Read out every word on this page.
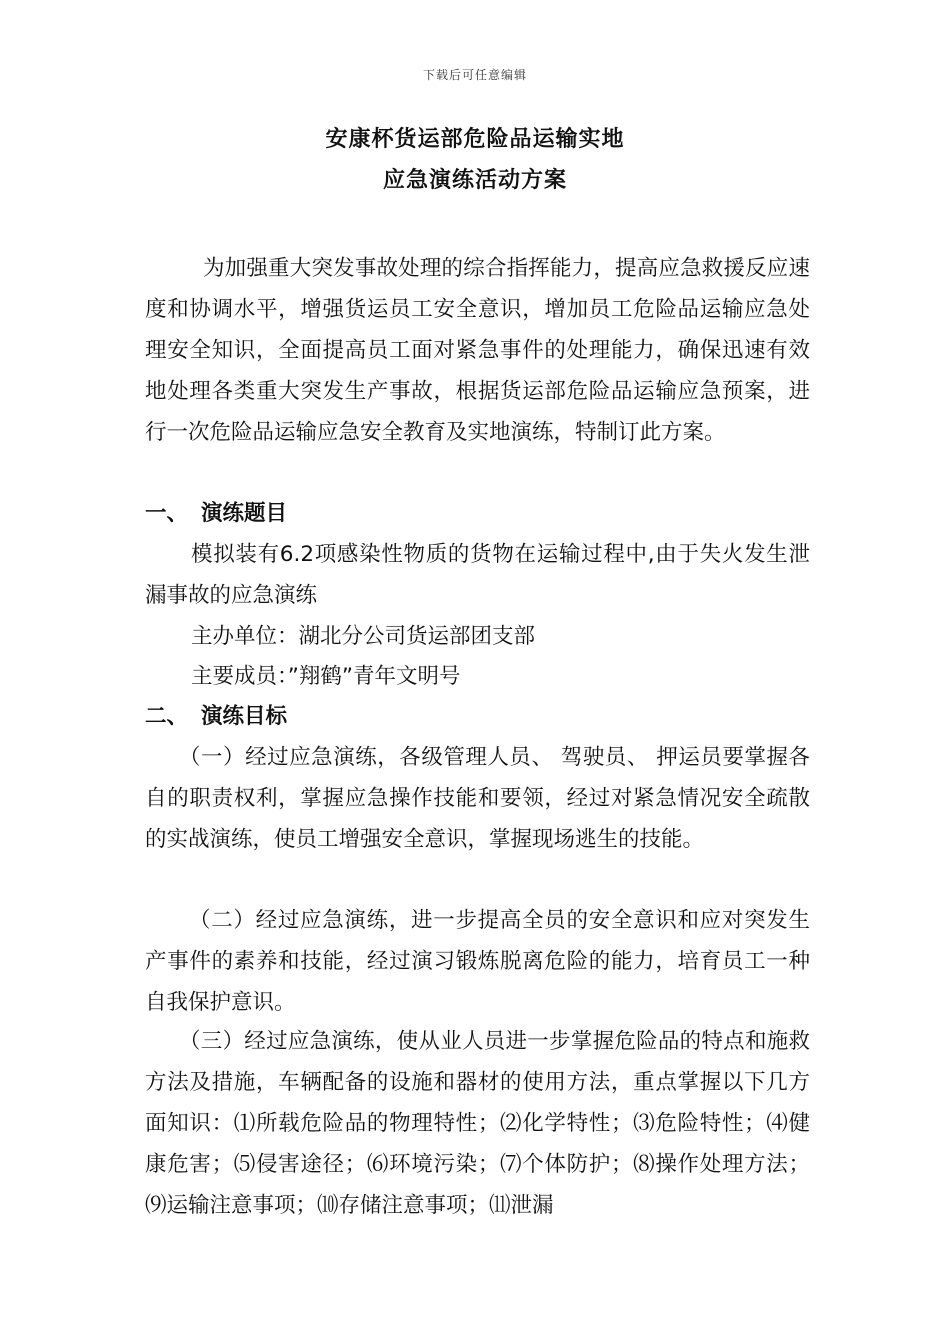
下载后可任意编辑
安康杯货运部危险品运输实地
应急演练活动方案

为加强重大突发事故处理的综合指挥能力，提高应急救援反应速度和协调水平，增强货运员工安全意识，增加员工危险品运输应急处理安全知识，全面提高员工面对紧急事件的处理能力，确保迅速有效地处理各类重大突发生产事故，根据货运部危险品运输应急预案，进行一次危险品运输应急安全教育及实地演练，特制订此方案。

一、 演练题目

模拟装有6.2项感染性物质的货物在运输过程中,由于失火发生泄漏事故的应急演练

主办单位：湖北分公司货运部团支部
主要成员：”翔鹤”青年文明号
二、 演练目标

（一）经过应急演练，各级管理人员、 驾驶员、 押运员要掌握各自的职责权利，掌握应急操作技能和要领，经过对紧急情况安全疏散的实战演练，使员工增强安全意识，掌握现场逃生的技能。

（二）经过应急演练，进一步提高全员的安全意识和应对突发生产事件的素养和技能，经过演习锻炼脱离危险的能力，培育员工一种自我保护意识。

（三）经过应急演练，使从业人员进一步掌握危险品的特点和施救方法及措施，车辆配备的设施和器材的使用方法，重点掌握以下几方面知识：⑴所载危险品的物理特性；⑵化学特性；⑶危险特性；⑷健康危害；⑸侵害途径；⑹环境污染；⑺个体防护；⑻操作处理方法；⑼运输注意事项；⑽存储注意事项；⑾泄漏
